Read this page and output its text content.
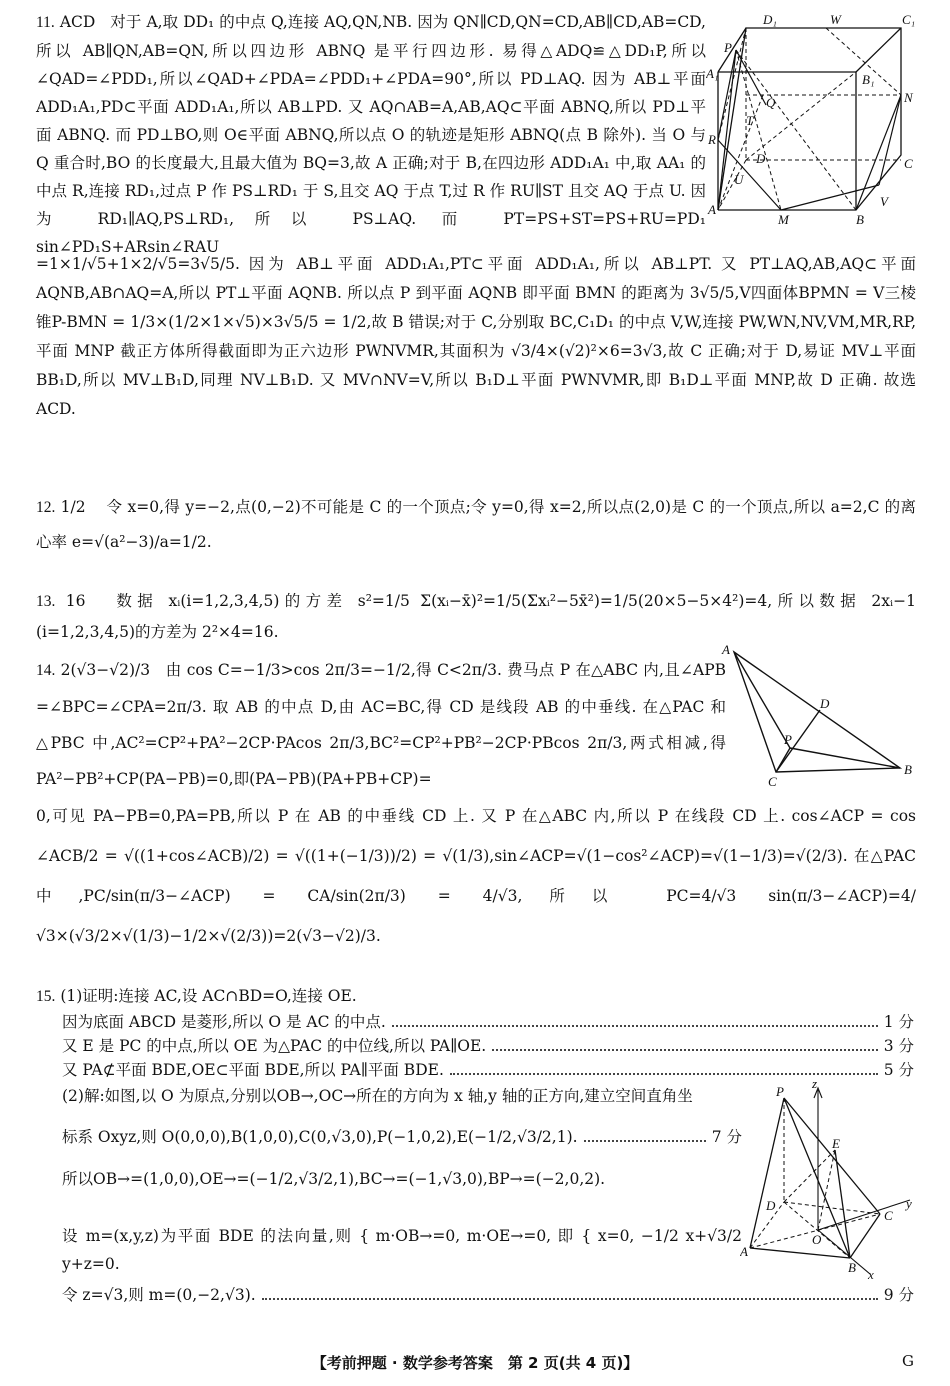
11. ACD 对于 A,取 DD₁ 的中点 Q,连接 AQ,QN,NB. 因为 QN∥CD,QN=CD,AB∥CD,AB=CD,所以 AB∥QN,AB=QN,所以四边形 ABNQ 是平行四边形. 易得△ADQ≌△DD₁P,所以∠QAD=∠PDD₁,所以∠QAD+∠PDA=∠PDD₁+∠PDA=90°,所以 PD⊥AQ. 因为 AB⊥平面 ADD₁A₁,PD⊂平面 ADD₁A₁,所以 AB⊥PD. 又 AQ∩AB=A,AB,AQ⊂平面 ABNQ,所以 PD⊥平面 ABNQ. 而 PD⊥BO,则 O∈平面 ABNQ,所以点 O 的轨迹是矩形 ABNQ(点 B 除外). 当 O 与 Q 重合时,BO 的长度最大,且最大值为 BQ=3,故 A 正确;对于 B,在四边形 ADD₁A₁ 中,取 AA₁ 的中点 R,连接 RD₁,过点 P 作 PS⊥RD₁ 于 S,且交 AQ 于点 T,过 R 作 RU∥ST 且交 AQ 于点 U. 因为 RD₁∥AQ,PS⊥RD₁,所以 PS⊥AQ. 而 PT=PS+ST=PS+RU=PD₁ sin∠PD₁S+ARsin∠RAU
D₁	W	C₁
P
A₁
Q
B₁
N
T
R
D	C
U
A
M	B
V
=1×1/√5+1×2/√5=3√5/5. 因为 AB⊥平面 ADD₁A₁,PT⊂平面 ADD₁A₁,所以 AB⊥PT. 又 PT⊥AQ,AB,AQ⊂平面 AQNB,AB∩AQ=A,所以 PT⊥平面 AQNB. 所以点 P 到平面 AQNB 即平面 BMN 的距离为 3√5/5,V四面体BPMN = V三棱锥P-BMN = 1/3×(1/2×1×√5)×3√5/5 = 1/2,故 B 错误;对于 C,分别取 BC,C₁D₁ 的中点 V,W,连接 PW,WN,NV,VM,MR,RP,平面 MNP 截正方体所得截面即为正六边形 PWNVMR,其面积为 √3/4×(√2)²×6=3√3,故 C 正确;对于 D,易证 MV⊥平面 BB₁D,所以 MV⊥B₁D,同理 NV⊥B₁D. 又 MV∩NV=V,所以 B₁D⊥平面 PWNVMR,即 B₁D⊥平面 MNP,故 D 正确. 故选 ACD.
12. 1/2 令 x=0,得 y=−2,点(0,−2)不可能是 C 的一个顶点;令 y=0,得 x=2,所以点(2,0)是 C 的一个顶点,所以 a=2,C 的离心率 e=√(a²−3)/a=1/2.
13. 16 数据 xᵢ(i=1,2,3,4,5)的方差 s²=1/5 Σ(xᵢ−x̄)²=1/5(Σxᵢ²−5x̄²)=1/5(20×5−5×4²)=4,所以数据 2xᵢ−1 (i=1,2,3,4,5)的方差为 2²×4=16.
14. 2(√3−√2)/3 由 cos C=−1/3>cos 2π/3=−1/2,得 C<2π/3. 费马点 P 在△ABC 内,且∠APB =∠BPC=∠CPA=2π/3. 取 AB 的中点 D,由 AC=BC,得 CD 是线段 AB 的中垂线. 在△PAC 和△PBC 中,AC²=CP²+PA²−2CP·PAcos 2π/3,BC²=CP²+PB²−2CP·PBcos 2π/3,两式相减,得 PA²−PB²+CP(PA−PB)=0,即(PA−PB)(PA+PB+CP)=
A
D
P
C
B
0,可见 PA−PB=0,PA=PB,所以 P 在 AB 的中垂线 CD 上. 又 P 在△ABC 内,所以 P 在线段 CD 上. cos∠ACP = cos ∠ACB/2 = √((1+cos∠ACB)/2) = √((1+(−1/3))/2) = √(1/3),sin∠ACP=√(1−cos²∠ACP)=√(1−1/3)=√(2/3). 在△PAC 中,PC/sin(π/3−∠ACP) = CA/sin(2π/3) = 4/√3,所以 PC=4/√3 sin(π/3−∠ACP)=4/√3×(√3/2×√(1/3)−1/2×√(2/3))=2(√3−√2)/3.
15. (1)证明:连接 AC,设 AC∩BD=O,连接 OE.
因为底面 ABCD 是菱形,所以 O 是 AC 的中点.	1 分
又 E 是 PC 的中点,所以 OE 为△PAC 的中位线,所以 PA∥OE.	3 分
又 PA⊄平面 BDE,OE⊂平面 BDE,所以 PA∥平面 BDE.	5 分
(2)解:如图,以 O 为原点,分别以OB→,OC→所在的方向为 x 轴,y 轴的正方向,建立空间直角坐
标系 Oxyz,则 O(0,0,0),B(1,0,0),C(0,√3,0),P(−1,0,2),E(−1/2,√3/2,1).	7 分
所以OB→=(1,0,0),OE→=(−1/2,√3/2,1),BC→=(−1,√3,0),BP→=(−2,0,2).
设 m=(x,y,z)为平面 BDE 的法向量,则 { m·OB→=0, m·OE→=0, 即 { x=0, −1/2 x+√3/2 y+z=0.
P
z
E
D	y
C
O
A
B x
令 z=√3,则 m=(0,−2,√3).	9 分
【考前押题 · 数学参考答案　第 2 页(共 4 页)】	G
